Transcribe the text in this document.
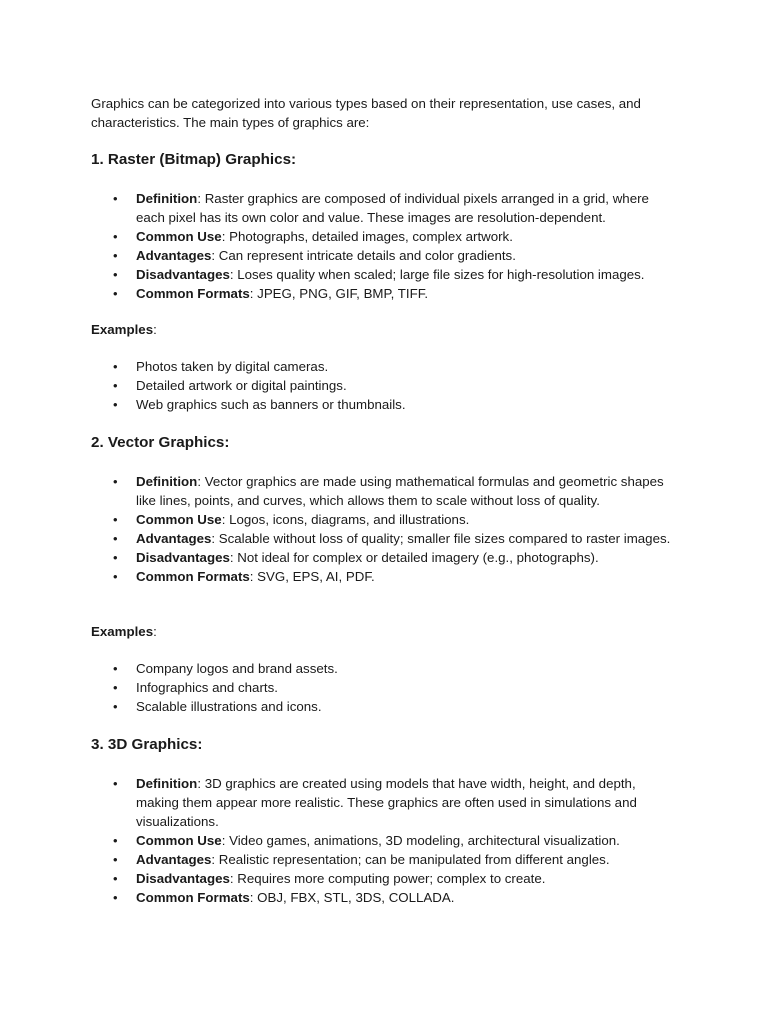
Graphics can be categorized into various types based on their representation, use cases, and characteristics. The main types of graphics are:

1. Raster (Bitmap) Graphics:
• Definition: Raster graphics are composed of individual pixels arranged in a grid, where each pixel has its own color and value. These images are resolution-dependent.
• Common Use: Photographs, detailed images, complex artwork.
• Advantages: Can represent intricate details and color gradients.
• Disadvantages: Loses quality when scaled; large file sizes for high-resolution images.
• Common Formats: JPEG, PNG, GIF, BMP, TIFF.

Examples:

• Photos taken by digital cameras.
• Detailed artwork or digital paintings.
• Web graphics such as banners or thumbnails.
2. Vector Graphics:
• Definition: Vector graphics are made using mathematical formulas and geometric shapes like lines, points, and curves, which allows them to scale without loss of quality.
• Common Use: Logos, icons, diagrams, and illustrations.
• Advantages: Scalable without loss of quality; smaller file sizes compared to raster images.
• Disadvantages: Not ideal for complex or detailed imagery (e.g., photographs).
• Common Formats: SVG, EPS, AI, PDF.

Examples:

• Company logos and brand assets.
• Infographics and charts.
• Scalable illustrations and icons.
3. 3D Graphics:
• Definition: 3D graphics are created using models that have width, height, and depth, making them appear more realistic. These graphics are often used in simulations and visualizations.
• Common Use: Video games, animations, 3D modeling, architectural visualization.
• Advantages: Realistic representation; can be manipulated from different angles.
• Disadvantages: Requires more computing power; complex to create.
• Common Formats: OBJ, FBX, STL, 3DS, COLLADA.
